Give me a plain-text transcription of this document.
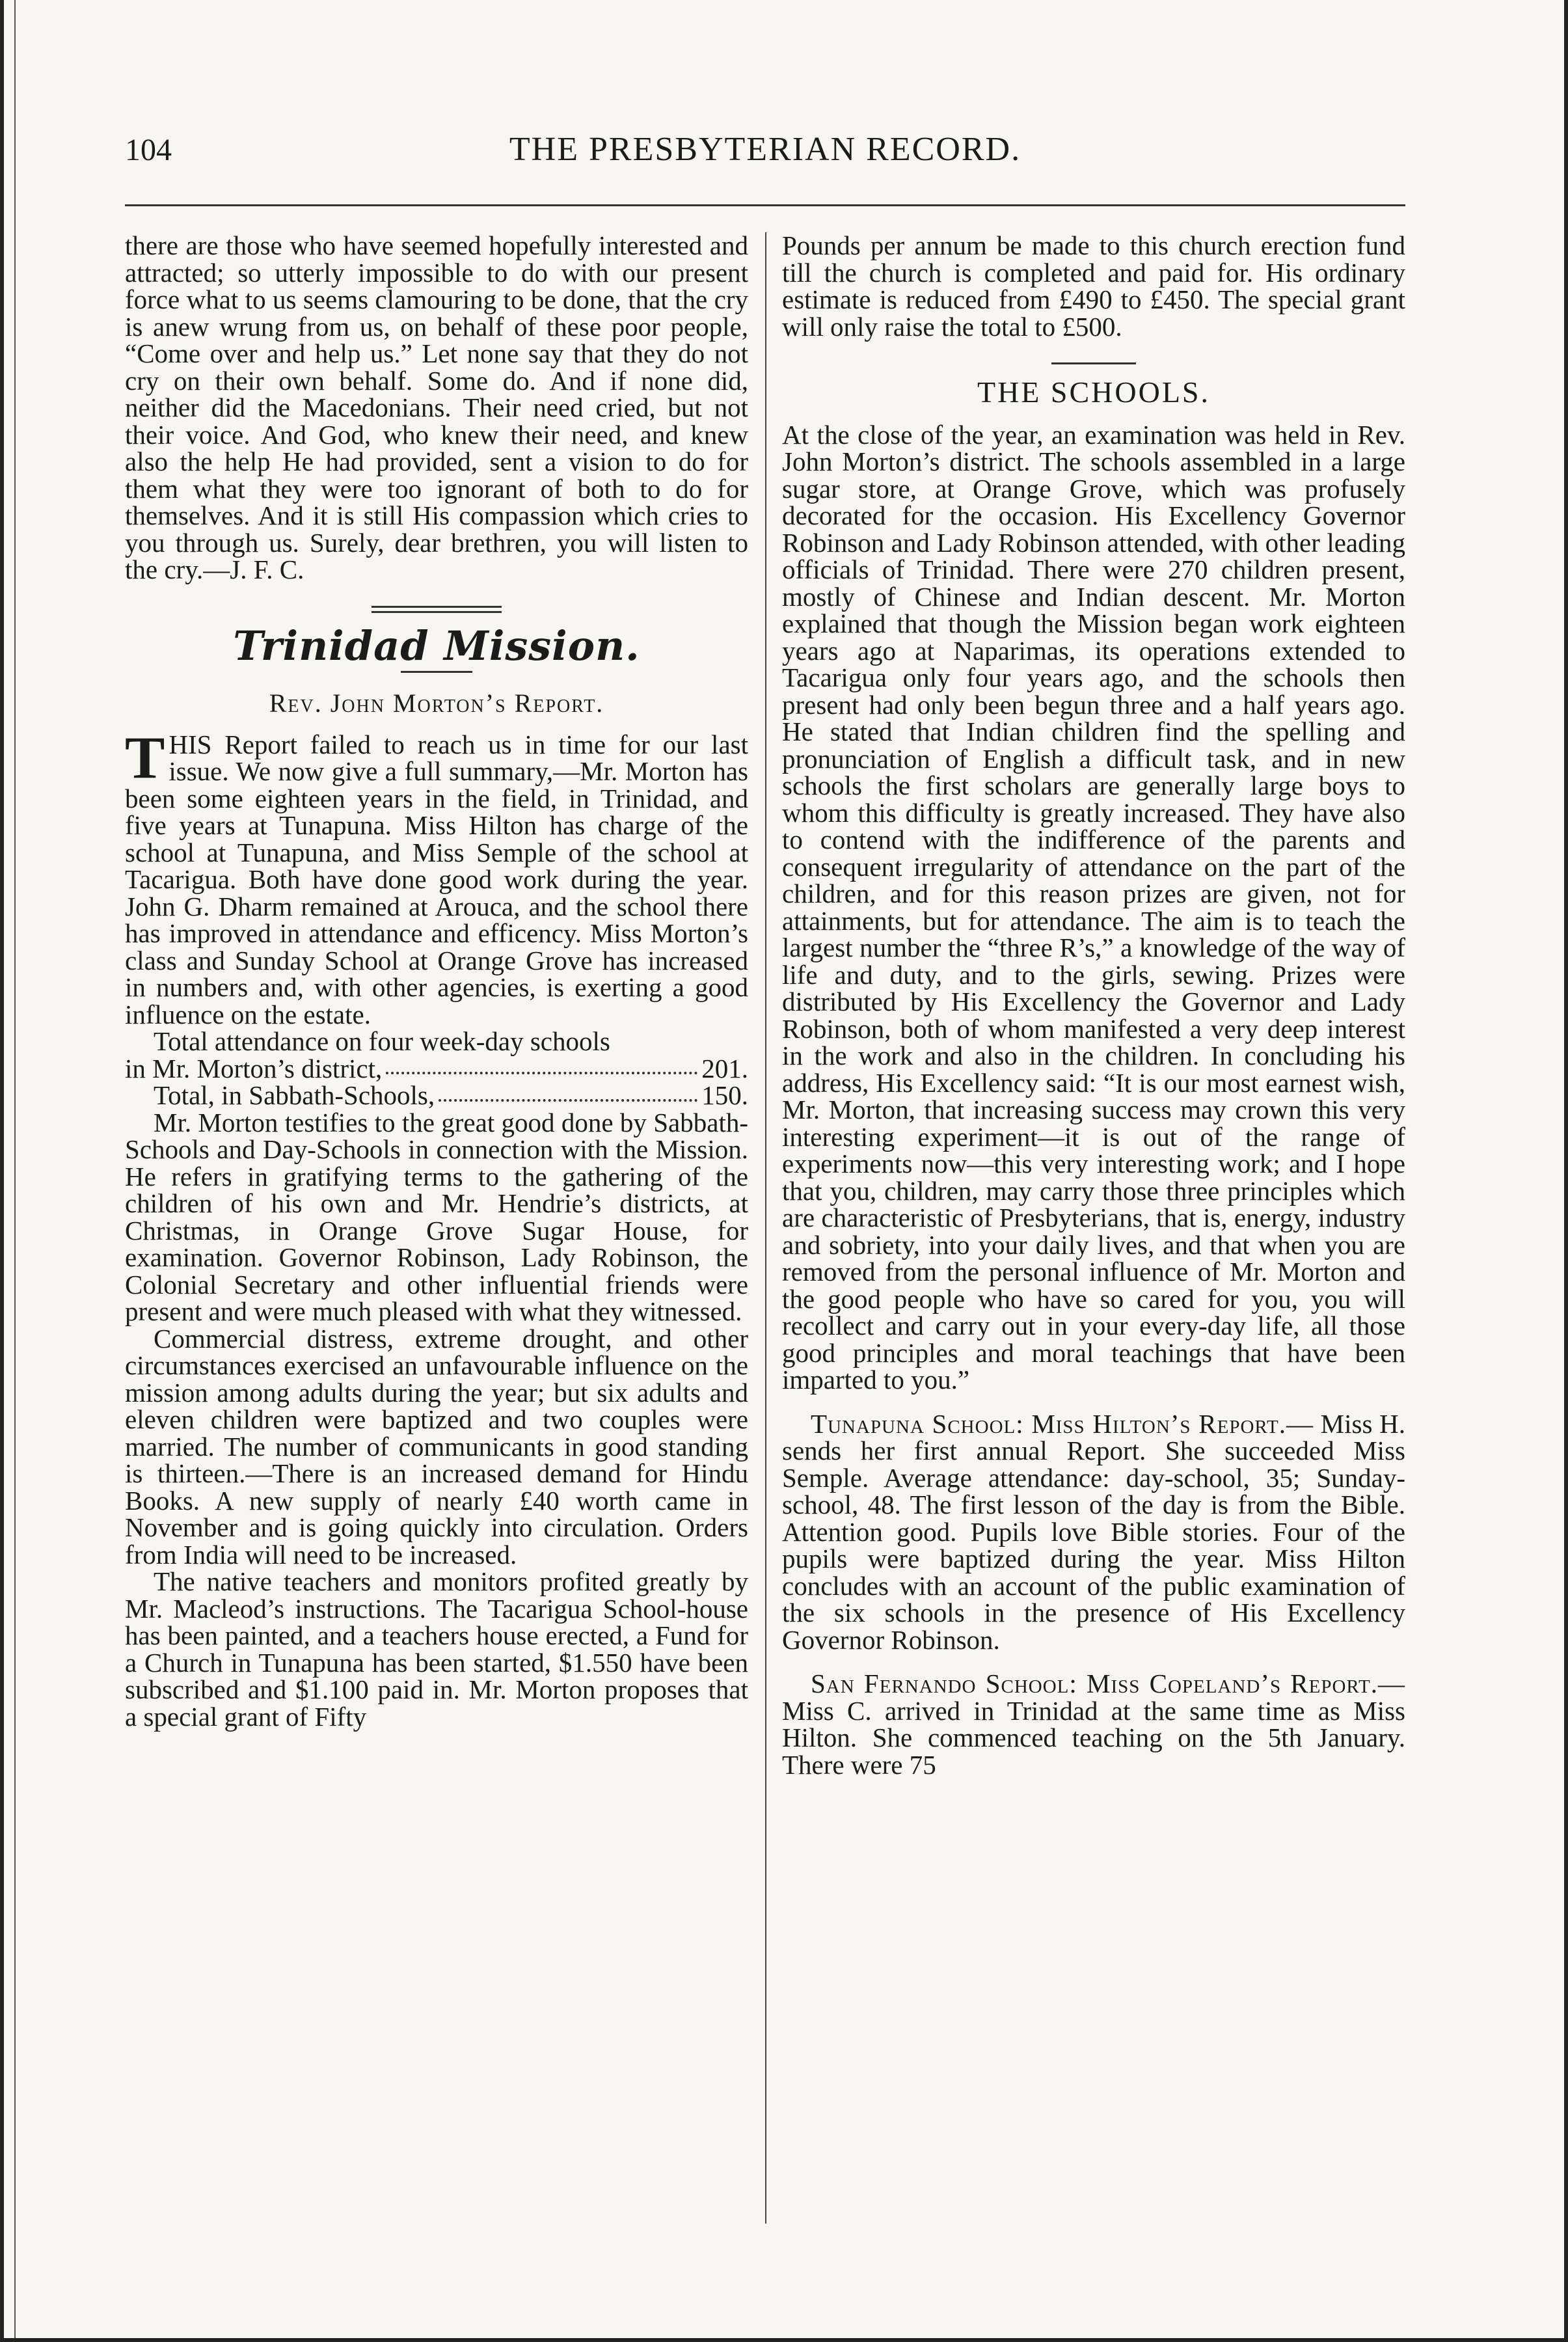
104	THE PRESBYTERIAN RECORD.

there are those who have seemed hopefully interested and attracted; so utterly impossible to do with our present force what to us seems clamouring to be done, that the cry is anew wrung from us, on behalf of these poor people, “Come over and help us.” Let none say that they do not cry on their own behalf. Some do. And if none did, neither did the Macedonians. Their need cried, but not their voice. And God, who knew their need, and knew also the help He had provided, sent a vision to do for them what they were too ignorant of both to do for themselves. And it is still His compassion which cries to you through us. Surely, dear brethren, you will listen to the cry.—J. F. C.

Trinidad Mission.
Rev. John Morton’s Report.

THIS Report failed to reach us in time for our last issue. We now give a full summary,—Mr. Morton has been some eighteen years in the field, in Trinidad, and five years at Tunapuna. Miss Hilton has charge of the school at Tunapuna, and Miss Semple of the school at Tacarigua. Both have done good work during the year. John G. Dharm remained at Arouca, and the school there has improved in attendance and efficency. Miss Morton’s class and Sunday School at Orange Grove has increased in numbers and, with other agencies, is exerting a good influence on the estate.

Total attendance on four week-day schools

in Mr. Morton’s district,	201.
Total, in Sabbath-Schools,	150.

Mr. Morton testifies to the great good done by Sabbath-Schools and Day-Schools in connection with the Mission. He refers in gratifying terms to the gathering of the children of his own and Mr. Hendrie’s districts, at Christmas, in Orange Grove Sugar House, for examination. Governor Robinson, Lady Robinson, the Colonial Secretary and other influential friends were present and were much pleased with what they witnessed.

Commercial distress, extreme drought, and other circumstances exercised an unfavourable influence on the mission among adults during the year; but six adults and eleven children were baptized and two couples were married. The number of communicants in good standing is thirteen.—There is an increased demand for Hindu Books. A new supply of nearly £40 worth came in November and is going quickly into circulation. Orders from India will need to be increased.

The native teachers and monitors profited greatly by Mr. Macleod’s instructions. The Tacarigua School-house has been painted, and a teachers house erected, a Fund for a Church in Tunapuna has been started, $1.550 have been subscribed and $1.100 paid in. Mr. Morton proposes that a special grant of Fifty

Pounds per annum be made to this church erection fund till the church is completed and paid for. His ordinary estimate is reduced from £490 to £450. The special grant will only raise the total to £500.

THE SCHOOLS.

At the close of the year, an examination was held in Rev. John Morton’s district. The schools assembled in a large sugar store, at Orange Grove, which was profusely decorated for the occasion. His Excellency Governor Robinson and Lady Robinson attended, with other leading officials of Trinidad. There were 270 children present, mostly of Chinese and Indian descent. Mr. Morton explained that though the Mission began work eighteen years ago at Naparimas, its operations extended to Tacarigua only four years ago, and the schools then present had only been begun three and a half years ago. He stated that Indian children find the spelling and pronunciation of English a difficult task, and in new schools the first scholars are generally large boys to whom this difficulty is greatly increased. They have also to contend with the indifference of the parents and consequent irregularity of attendance on the part of the children, and for this reason prizes are given, not for attainments, but for attendance. The aim is to teach the largest number the “three R’s,” a knowledge of the way of life and duty, and to the girls, sewing. Prizes were distributed by His Excellency the Governor and Lady Robinson, both of whom manifested a very deep interest in the work and also in the children. In concluding his address, His Excellency said: “It is our most earnest wish, Mr. Morton, that increasing success may crown this very interesting experiment—it is out of the range of experiments now—this very interesting work; and I hope that you, children, may carry those three principles which are characteristic of Presbyterians, that is, energy, industry and sobriety, into your daily lives, and that when you are removed from the personal influence of Mr. Morton and the good people who have so cared for you, you will recollect and carry out in your every-day life, all those good principles and moral teachings that have been imparted to you.”

Tunapuna School: Miss Hilton’s Report.— Miss H. sends her first annual Report. She succeeded Miss Semple. Average attendance: day-school, 35; Sunday-school, 48. The first lesson of the day is from the Bible. Attention good. Pupils love Bible stories. Four of the pupils were baptized during the year. Miss Hilton concludes with an account of the public examination of the six schools in the presence of His Excellency Governor Robinson.

San Fernando School: Miss Copeland’s Report.— Miss C. arrived in Trinidad at the same time as Miss Hilton. She commenced teaching on the 5th January. There were 75
